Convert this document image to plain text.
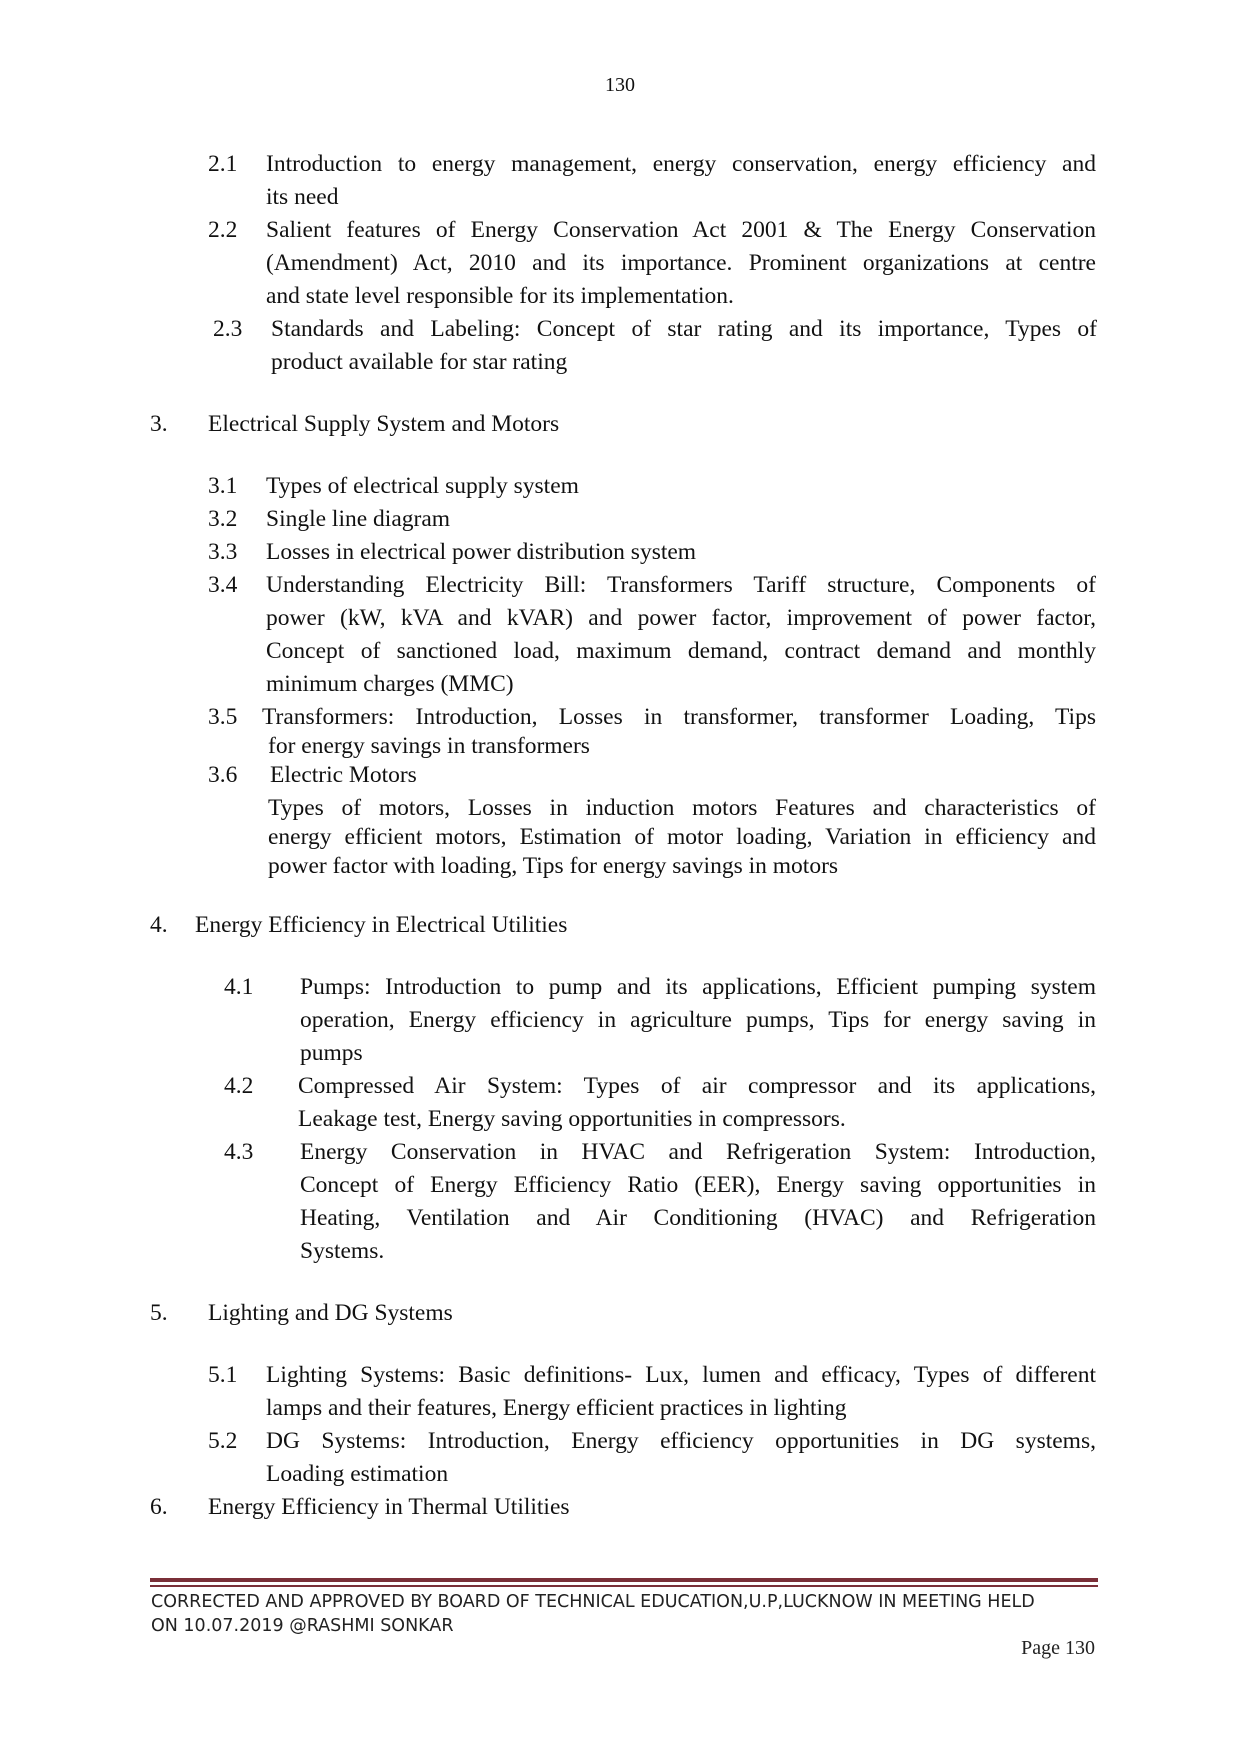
130
2.1 Introduction to energy management, energy conservation, energy efficiency and
its need
2.2 Salient features of Energy Conservation Act 2001 & The Energy Conservation
(Amendment) Act, 2010 and its importance. Prominent organizations at centre
and state level responsible for its implementation.
2.3 Standards and Labeling: Concept of star rating and its importance, Types of
product available for star rating
3. Electrical Supply System and Motors
3.1 Types of electrical supply system
3.2 Single line diagram
3.3 Losses in electrical power distribution system
3.4 Understanding Electricity Bill: Transformers Tariff structure, Components of
power (kW, kVA and kVAR) and power factor, improvement of power factor,
Concept of sanctioned load, maximum demand, contract demand and monthly
minimum charges (MMC)
3.5 Transformers: Introduction, Losses in transformer, transformer Loading, Tips
for energy savings in transformers
3.6 Electric Motors
Types of motors, Losses in induction motors Features and characteristics of
energy efficient motors, Estimation of motor loading, Variation in efficiency and
power factor with loading, Tips for energy savings in motors
4. Energy Efficiency in Electrical Utilities
4.1 Pumps: Introduction to pump and its applications, Efficient pumping system
operation, Energy efficiency in agriculture pumps, Tips for energy saving in
pumps
4.2 Compressed Air System: Types of air compressor and its applications,
Leakage test, Energy saving opportunities in compressors.
4.3 Energy Conservation in HVAC and Refrigeration System: Introduction,
Concept of Energy Efficiency Ratio (EER), Energy saving opportunities in
Heating, Ventilation and Air Conditioning (HVAC) and Refrigeration
Systems.
5. Lighting and DG Systems
5.1 Lighting Systems: Basic definitions- Lux, lumen and efficacy, Types of different
lamps and their features, Energy efficient practices in lighting
5.2 DG Systems: Introduction, Energy efficiency opportunities in DG systems,
Loading estimation
6. Energy Efficiency in Thermal Utilities
CORRECTED AND APPROVED BY BOARD OF TECHNICAL EDUCATION,U.P,LUCKNOW IN MEETING HELD
ON 10.07.2019 @RASHMI SONKAR
Page 130
